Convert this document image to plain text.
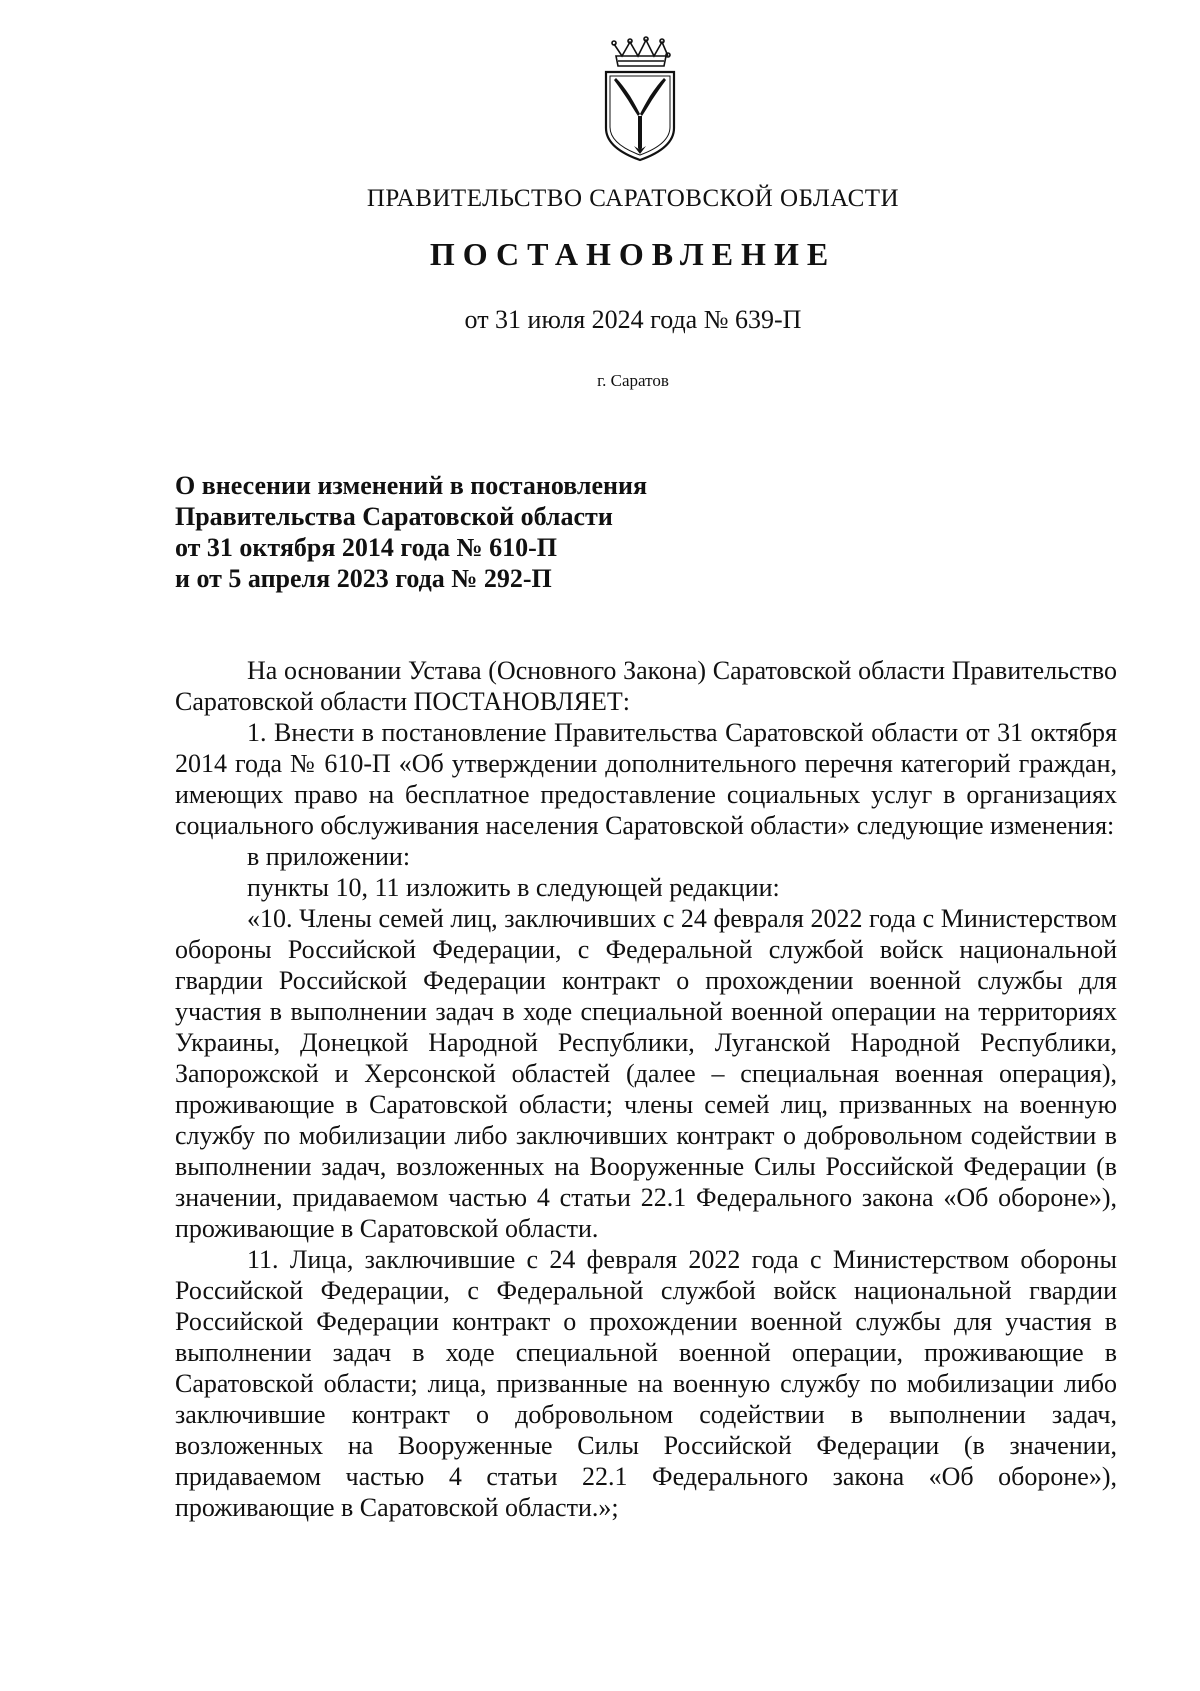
ПРАВИТЕЛЬСТВО САРАТОВСКОЙ ОБЛАСТИ
ПОСТАНОВЛЕНИЕ
от 31 июля 2024 года № 639-П
г. Саратов
О внесении изменений в постановления
Правительства Саратовской области
от 31 октября 2014 года № 610-П
и от 5 апреля 2023 года № 292-П

На основании Устава (Основного Закона) Саратовской области Правительство Саратовской области ПОСТАНОВЛЯЕТ:

1. Внести в постановление Правительства Саратовской области от 31 октября 2014 года № 610-П «Об утверждении дополнительного перечня категорий граждан, имеющих право на бесплатное предоставление социальных услуг в организациях социального обслуживания населения Саратовской области» следующие изменения:

в приложении:

пункты 10, 11 изложить в следующей редакции:

«10. Члены семей лиц, заключивших с 24 февраля 2022 года с Министерством обороны Российской Федерации, с Федеральной службой войск национальной гвардии Российской Федерации контракт о прохождении военной службы для участия в выполнении задач в ходе специальной военной операции на территориях Украины, Донецкой Народной Республики, Луганской Народной Республики, Запорожской и Херсонской областей (далее – специальная военная операция), проживающие в Саратовской области; члены семей лиц, призванных на военную службу по мобилизации либо заключивших контракт о добровольном содействии в выполнении задач, возложенных на Вооруженные Силы Российской Федерации (в значении, придаваемом частью 4 статьи 22.1 Федерального закона «Об обороне»), проживающие в Саратовской области.

11. Лица, заключившие с 24 февраля 2022 года с Министерством обороны Российской Федерации, с Федеральной службой войск национальной гвардии Российской Федерации контракт о прохождении военной службы для участия в выполнении задач в ходе специальной военной операции, проживающие в Саратовской области; лица, призванные на военную службу по мобилизации либо заключившие контракт о добровольном содействии в выполнении задач, возложенных на Вооруженные Силы Российской Федерации (в значении, придаваемом частью 4 статьи 22.1 Федерального закона «Об обороне»), проживающие в Саратовской области.»;
